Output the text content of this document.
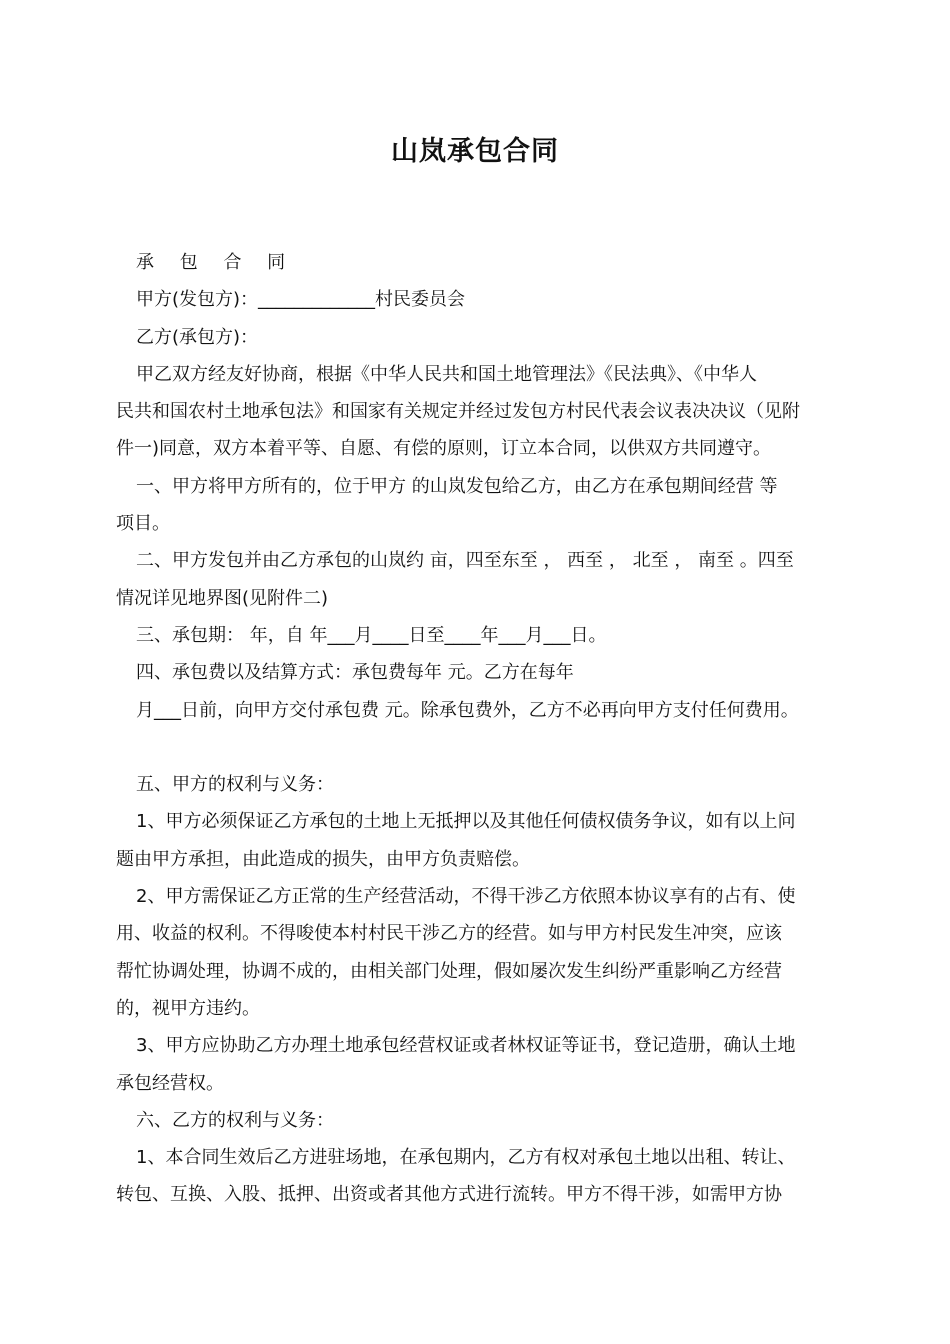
山岚承包合同
承 包 合 同
甲方(发包方)：_____________村民委员会
乙方(承包方)：
甲乙双方经友好协商，根据《中华人民共和国土地管理法》《民法典》、《中华人
民共和国农村土地承包法》和国家有关规定并经过发包方村民代表会议表决决议（见附
件一)同意，双方本着平等、自愿、有偿的原则，订立本合同，以供双方共同遵守。
一、甲方将甲方所有的，位于甲方 的山岚发包给乙方，由乙方在承包期间经营 等
项目。
二、甲方发包并由乙方承包的山岚约 亩，四至东至 ， 西至 ， 北至 ， 南至 。四至
情况详见地界图(见附件二)
三、承包期： 年，自 年___月____日至____年___月___日。
四、承包费以及结算方式：承包费每年 元。乙方在每年
月___日前，向甲方交付承包费 元。除承包费外，乙方不必再向甲方支付任何费用。
五、甲方的权利与义务：
1、甲方必须保证乙方承包的土地上无抵押以及其他任何债权债务争议，如有以上问
题由甲方承担，由此造成的损失，由甲方负责赔偿。
2、甲方需保证乙方正常的生产经营活动，不得干涉乙方依照本协议享有的占有、使
用、收益的权利。不得唆使本村村民干涉乙方的经营。如与甲方村民发生冲突，应该
帮忙协调处理，协调不成的，由相关部门处理，假如屡次发生纠纷严重影响乙方经营
的，视甲方违约。
3、甲方应协助乙方办理土地承包经营权证或者林权证等证书，登记造册，确认土地
承包经营权。
六、乙方的权利与义务：
1、本合同生效后乙方进驻场地，在承包期内，乙方有权对承包土地以出租、转让、
转包、互换、入股、抵押、出资或者其他方式进行流转。甲方不得干涉，如需甲方协
